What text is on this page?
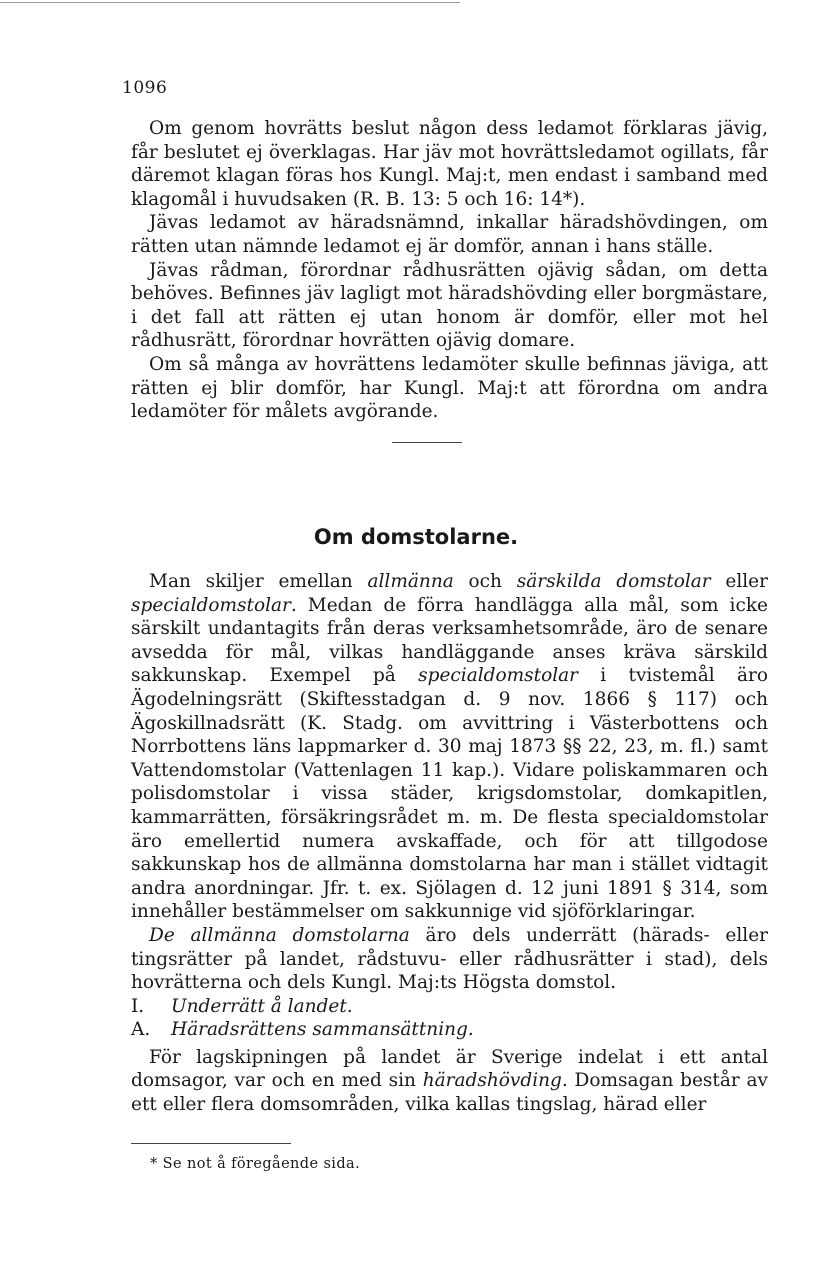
1096

Om genom hovrätts beslut någon dess ledamot förklaras jävig, får beslutet ej överklagas. Har jäv mot hovrättsledamot ogillats, får däremot klagan föras hos Kungl. Maj:t, men endast i samband med klagomål i huvudsaken (R. B. 13: 5 och 16: 14*).

Jävas ledamot av häradsnämnd, inkallar häradshövdingen, om rätten utan nämnde ledamot ej är domför, annan i hans ställe.

Jävas rådman, förordnar rådhusrätten ojävig sådan, om detta behöves. Befinnes jäv lagligt mot häradshövding eller borgmästare, i det fall att rätten ej utan honom är domför, eller mot hel rådhusrätt, förordnar hovrätten ojävig domare.

Om så många av hovrättens ledamöter skulle befinnas jäviga, att rätten ej blir domför, har Kungl. Maj:t att förordna om andra ledamöter för målets avgörande.

Om domstolarne.

Man skiljer emellan allmänna och särskilda domstolar eller specialdomstolar. Medan de förra handlägga alla mål, som icke särskilt undantagits från deras verksamhetsområde, äro de senare avsedda för mål, vilkas handläggande anses kräva särskild sakkunskap. Exempel på specialdomstolar i tvistemål äro Ägodelningsrätt (Skiftesstadgan d. 9 nov. 1866 § 117) och Ägoskillnadsrätt (K. Stadg. om avvittring i Västerbottens och Norrbottens läns lappmarker d. 30 maj 1873 §§ 22, 23, m. fl.) samt Vattendomstolar (Vattenlagen 11 kap.). Vidare poliskammaren och polisdomstolar i vissa städer, krigsdomstolar, domkapitlen, kammarrätten, försäkringsrådet m. m. De flesta specialdomstolar äro emellertid numera avskaffade, och för att tillgodose sakkunskap hos de allmänna domstolarna har man i stället vidtagit andra anordningar. Jfr. t. ex. Sjölagen d. 12 juni 1891 § 314, som innehåller bestämmelser om sakkunnige vid sjöförklaringar.

De allmänna domstolarna äro dels underrätt (härads- eller tingsrätter på landet, rådstuvu- eller rådhusrätter i stad), dels hovrätterna och dels Kungl. Maj:ts Högsta domstol.

I. Underrätt å landet.

A. Häradsrättens sammansättning.

För lagskipningen på landet är Sverige indelat i ett antal domsagor, var och en med sin häradshövding. Domsagan består av ett eller flera domsområden, vilka kallas tingslag, härad eller

* Se not å föregående sida.
